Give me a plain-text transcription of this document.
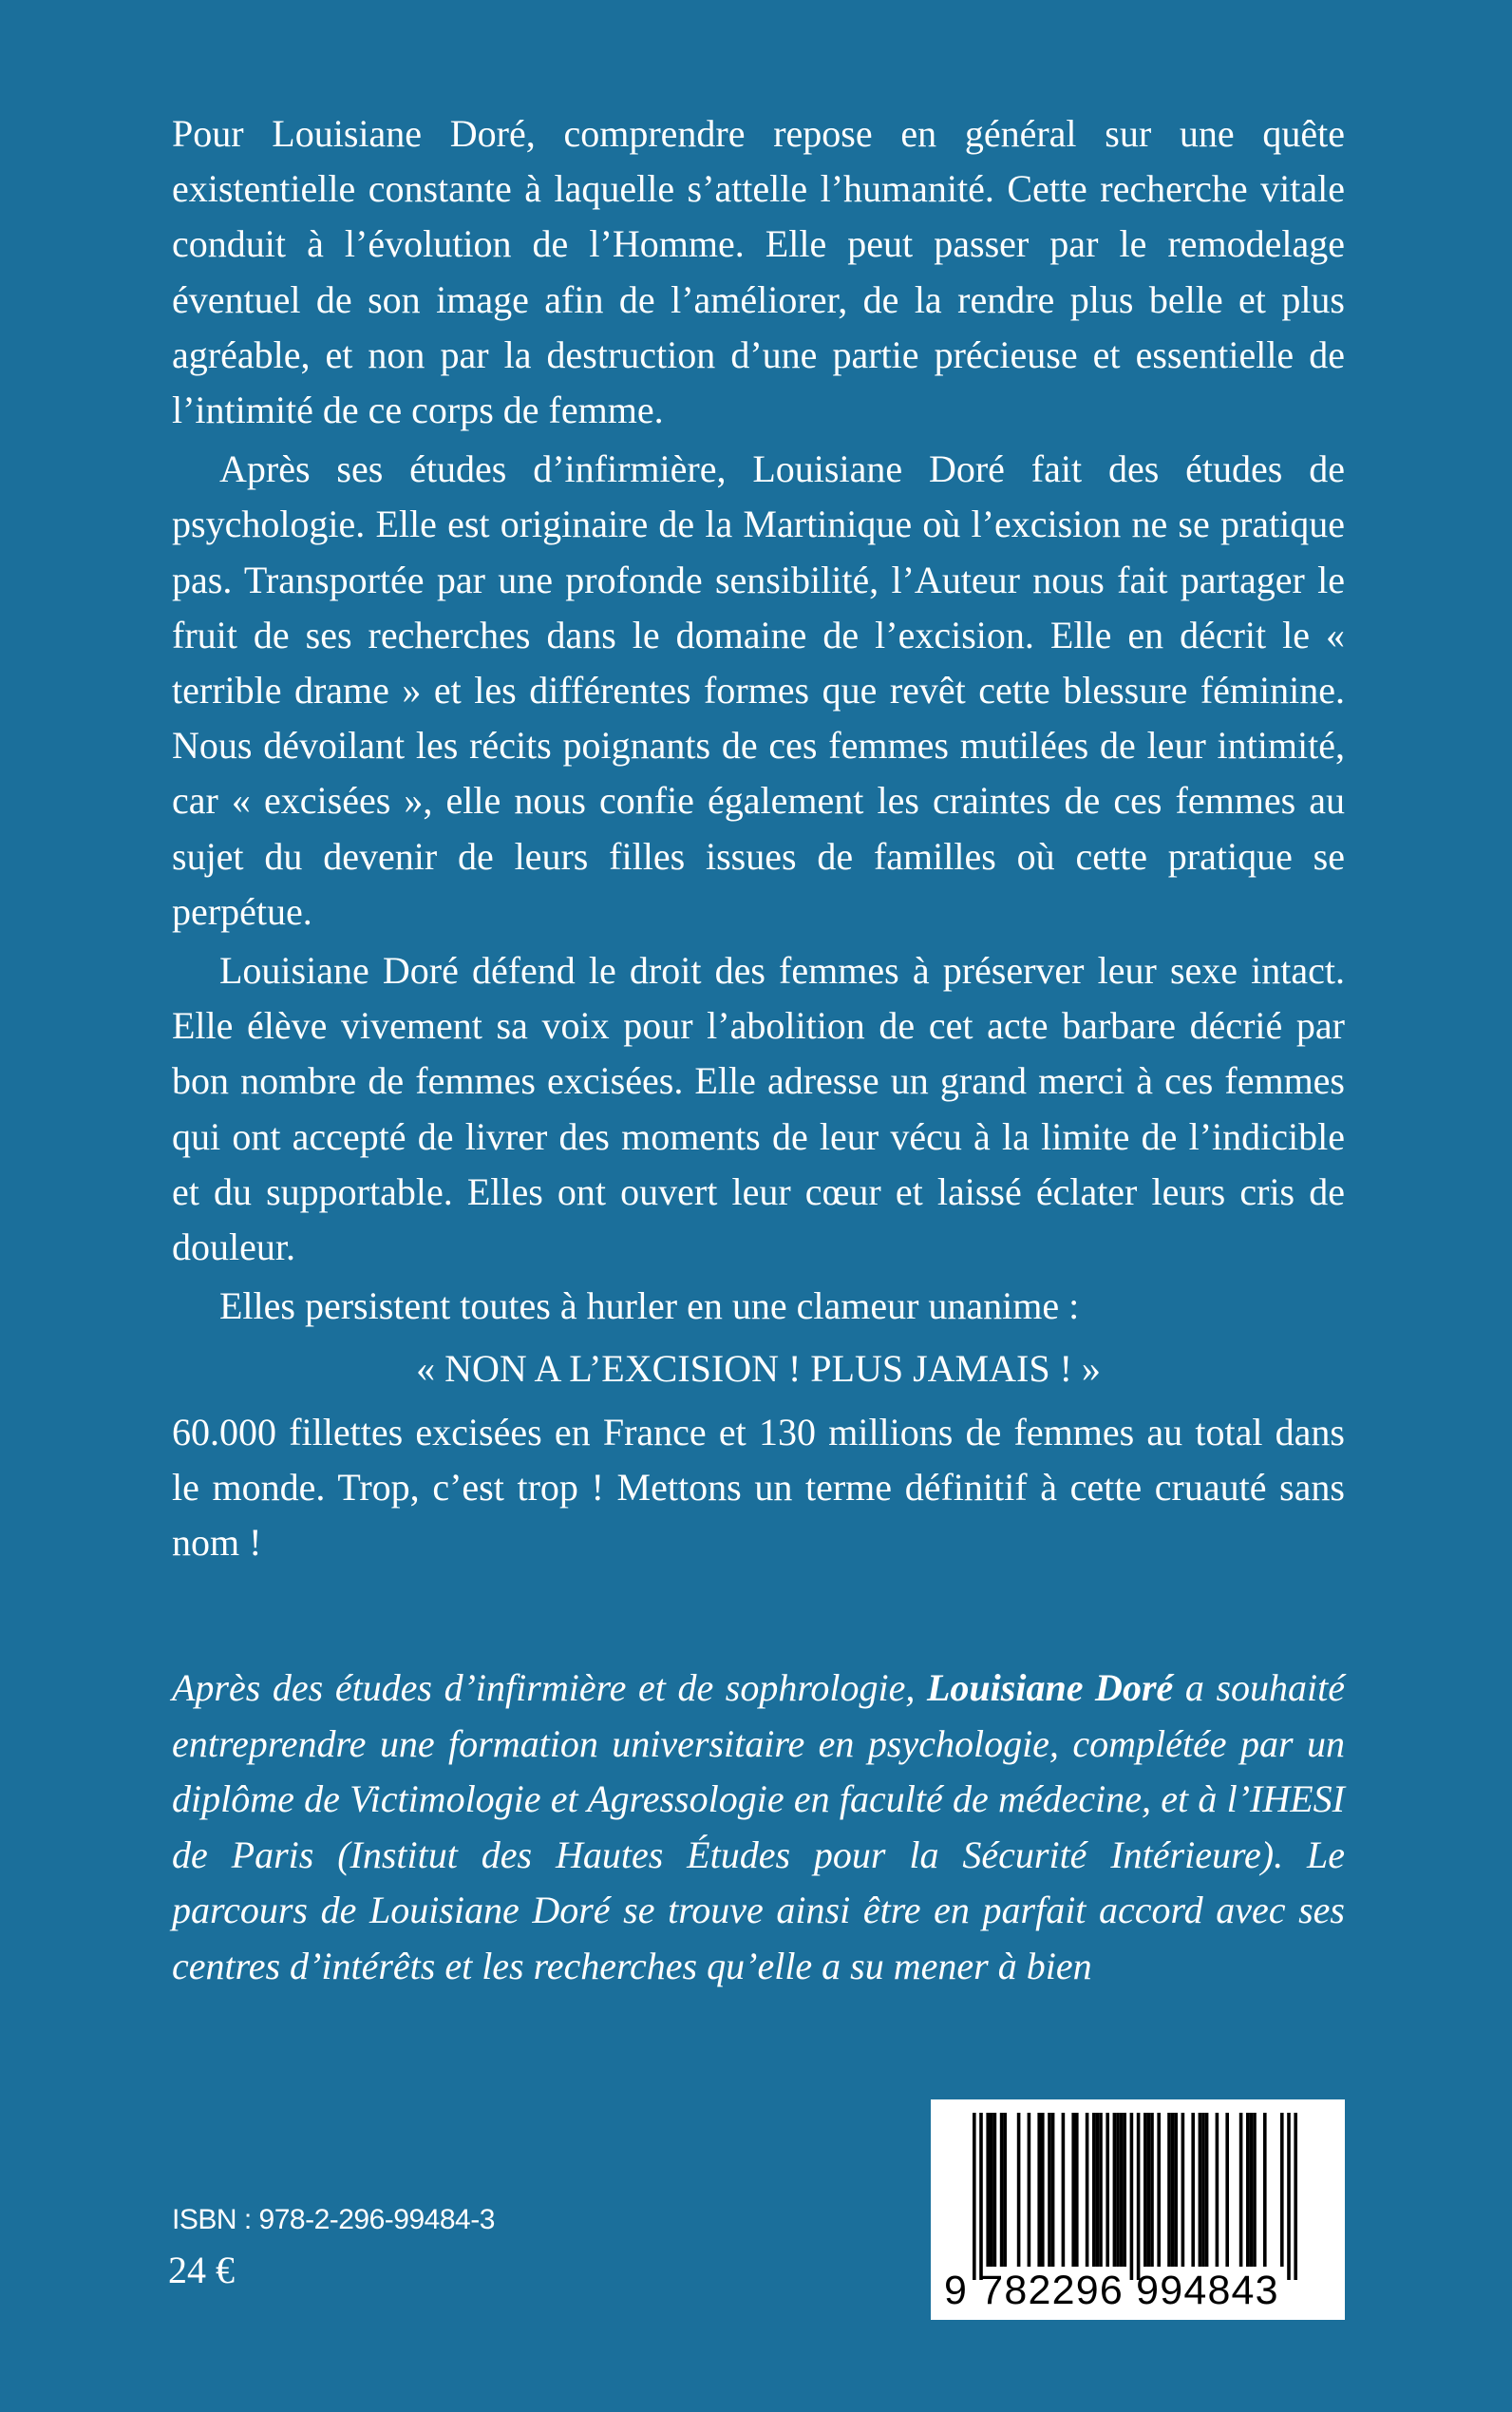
Pour Louisiane Doré, comprendre repose en général sur une quête existentielle constante à laquelle s’attelle l’humanité. Cette recherche vitale conduit à l’évolution de l’Homme. Elle peut passer par le remodelage éventuel de son image afin de l’améliorer, de la rendre plus belle et plus agréable, et non par la destruction d’une partie précieuse et essentielle de l’intimité de ce corps de femme.

Après ses études d’infirmière, Louisiane Doré fait des études de psychologie. Elle est originaire de la Martinique où l’excision ne se pratique pas. Transportée par une profonde sensibilité, l’Auteur nous fait partager le fruit de ses recherches dans le domaine de l’excision. Elle en décrit le « terrible drame » et les différentes formes que revêt cette blessure féminine. Nous dévoilant les récits poignants de ces femmes mutilées de leur intimité, car « excisées », elle nous confie également les craintes de ces femmes au sujet du devenir de leurs filles issues de familles où cette pratique se perpétue.

Louisiane Doré défend le droit des femmes à préserver leur sexe intact. Elle élève vivement sa voix pour l’abolition de cet acte barbare décrié par bon nombre de femmes excisées. Elle adresse un grand merci à ces femmes qui ont accepté de livrer des moments de leur vécu à la limite de l’indicible et du supportable. Elles ont ouvert leur cœur et laissé éclater leurs cris de douleur.

Elles persistent toutes à hurler en une clameur unanime :

« NON A L’EXCISION ! PLUS JAMAIS ! »

60.000 fillettes excisées en France et 130 millions de femmes au total dans le monde. Trop, c’est trop ! Mettons un terme définitif à cette cruauté sans nom !

Après des études d’infirmière et de sophrologie, Louisiane Doré a souhaité entreprendre une formation universitaire en psychologie, complétée par un diplôme de Victimologie et Agressologie en faculté de médecine, et à l’IHESI de Paris (Institut des Hautes Études pour la Sécurité Intérieure). Le parcours de Louisiane Doré se trouve ainsi être en parfait accord avec ses centres d’intérêts et les recherches qu’elle a su mener à bien

ISBN : 978-2-296-99484-3
24 €	9 782296 994843
